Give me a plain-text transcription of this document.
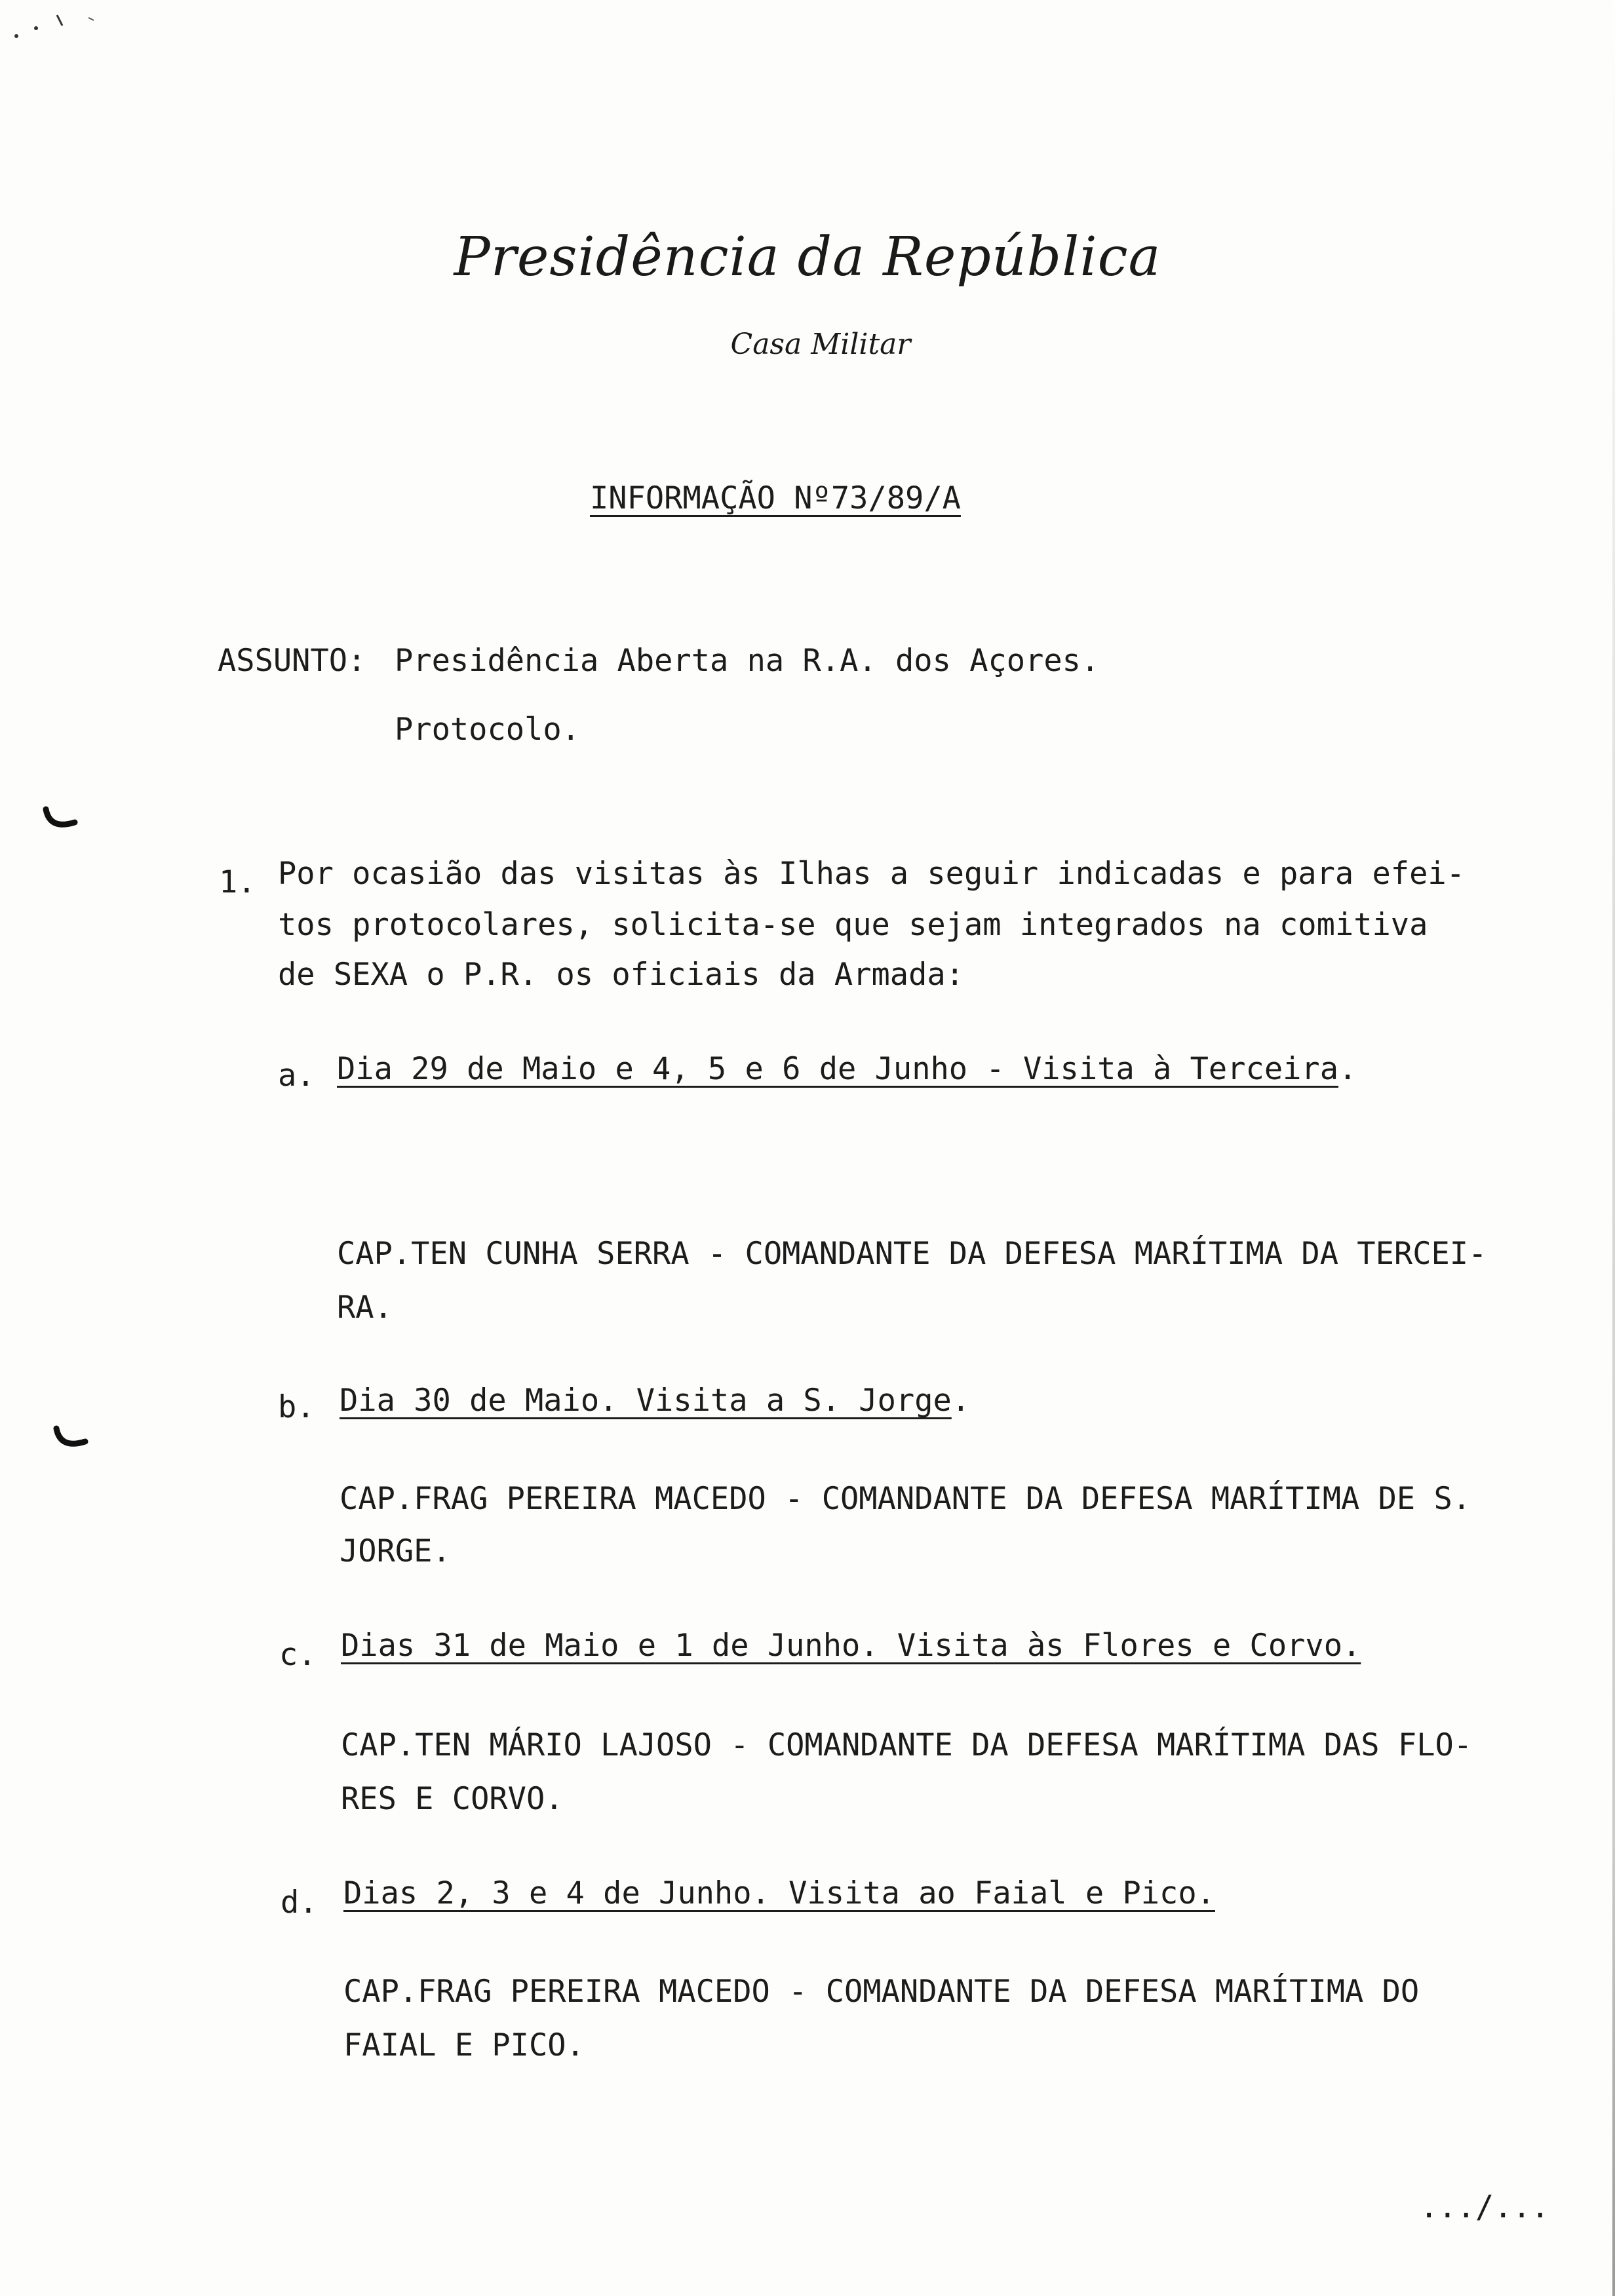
Presidência da República
Casa Militar
INFORMAÇÃO Nº73/89/A
ASSUNTO: Presidência Aberta na R.A. dos Açores.
Protocolo.
1. Por ocasião das visitas às Ilhas a seguir indicadas e para efei-
tos protocolares, solicita-se que sejam integrados na comitiva
de SEXA o P.R. os oficiais da Armada:
a. Dia 29 de Maio e 4, 5 e 6 de Junho - Visita à Terceira.
CAP.TEN CUNHA SERRA - COMANDANTE DA DEFESA MARÍTIMA DA TERCEI-
RA.
b. Dia 30 de Maio. Visita a S. Jorge.
CAP.FRAG PEREIRA MACEDO - COMANDANTE DA DEFESA MARÍTIMA DE S.
JORGE.
c. Dias 31 de Maio e 1 de Junho. Visita às Flores e Corvo.
CAP.TEN MÁRIO LAJOSO - COMANDANTE DA DEFESA MARÍTIMA DAS FLO-
RES E CORVO.
d. Dias 2, 3 e 4 de Junho. Visita ao Faial e Pico.
CAP.FRAG PEREIRA MACEDO - COMANDANTE DA DEFESA MARÍTIMA DO
FAIAL E PICO.
.../...
